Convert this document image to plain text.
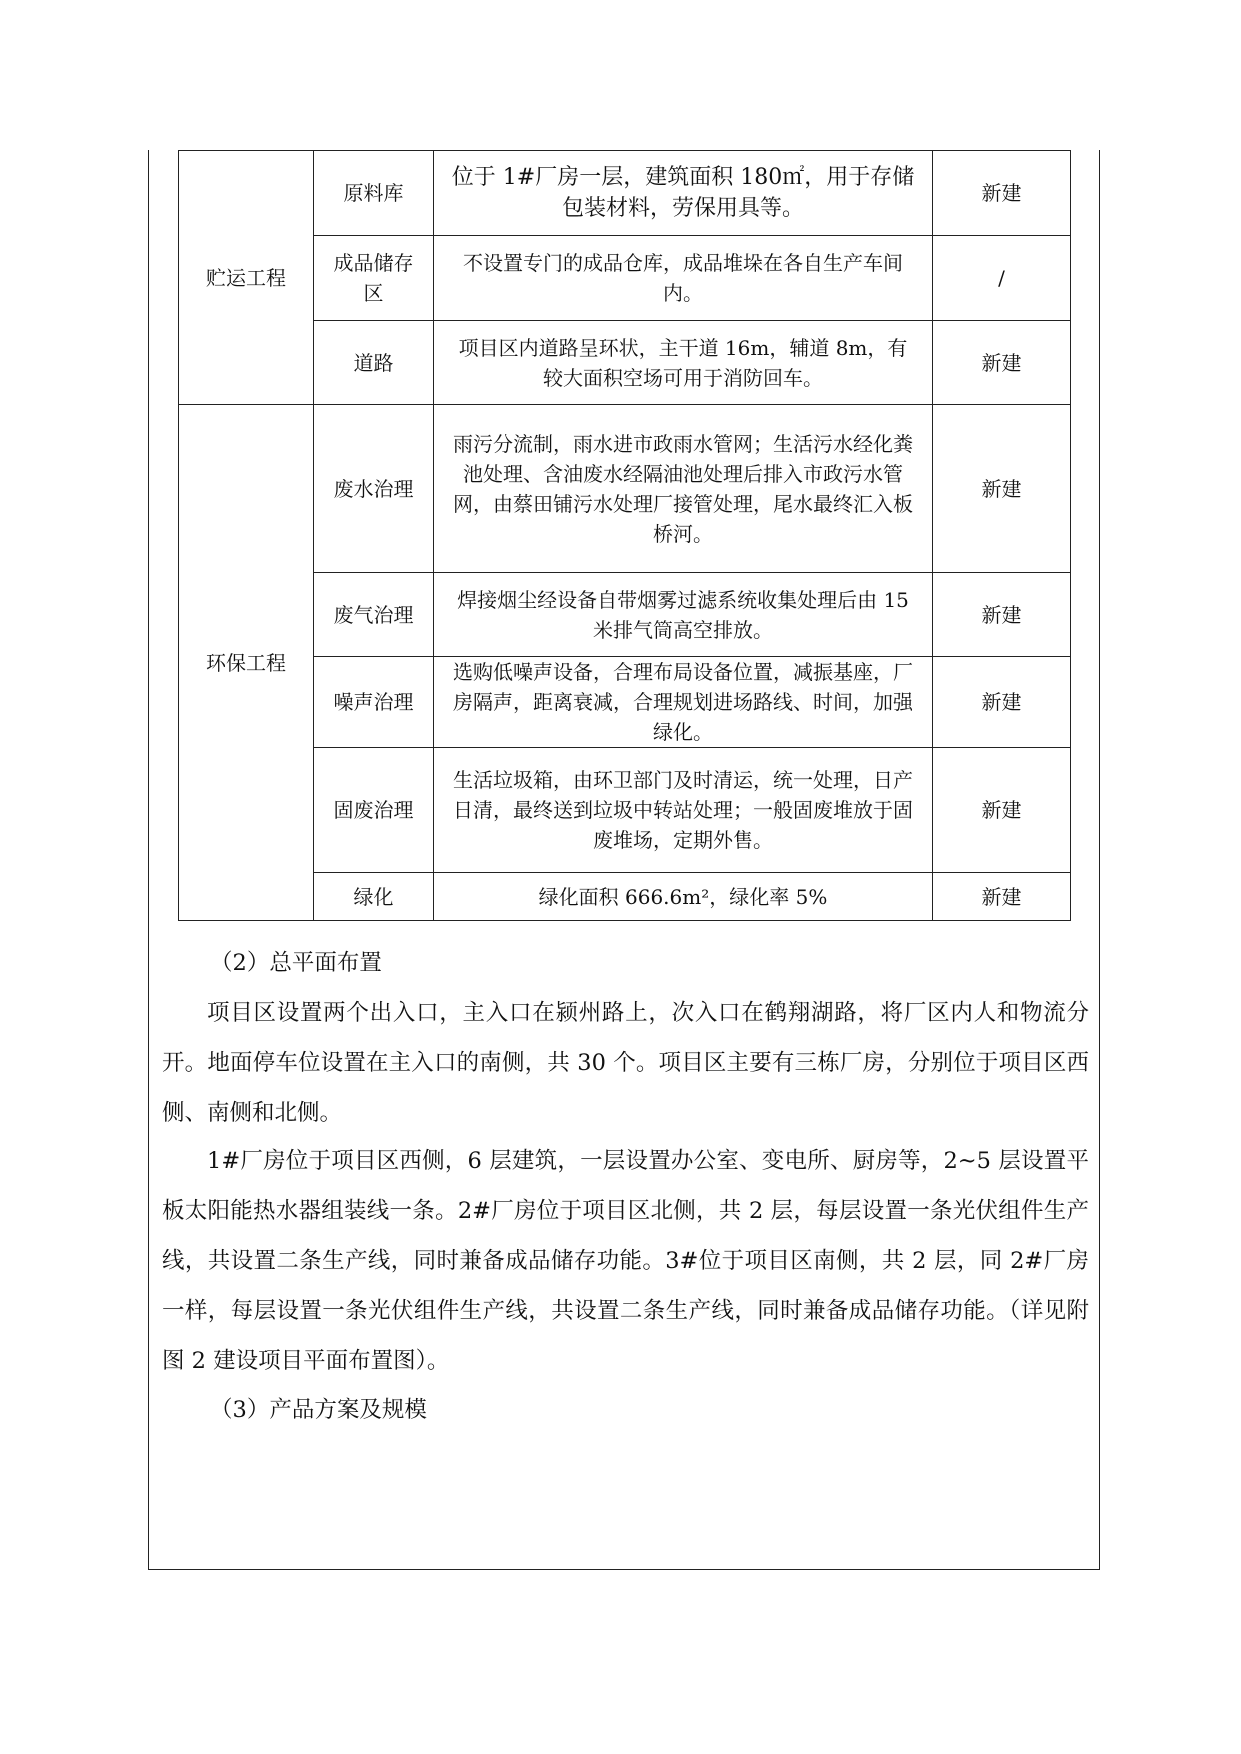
贮运工程	原料库	位于 1#厂房一层，建筑面积 180㎡，用于存储包装材料，劳保用具等。	新建
	成品储存区	不设置专门的成品仓库，成品堆垛在各自生产车间内。	/
	道路	项目区内道路呈环状，主干道 16m，辅道 8m，有较大面积空场可用于消防回车。	新建
环保工程	废水治理	雨污分流制，雨水进市政雨水管网；生活污水经化粪池处理、含油废水经隔油池处理后排入市政污水管网，由蔡田铺污水处理厂接管处理，尾水最终汇入板桥河。	新建
	废气治理	焊接烟尘经设备自带烟雾过滤系统收集处理后由 15 米排气筒高空排放。	新建
	噪声治理	选购低噪声设备，合理布局设备位置，减振基座，厂房隔声，距离衰减，合理规划进场路线、时间，加强绿化。	新建
	固废治理	生活垃圾箱，由环卫部门及时清运，统一处理，日产日清，最终送到垃圾中转站处理；一般固废堆放于固废堆场，定期外售。	新建
	绿化	绿化面积 666.6m²，绿化率 5%	新建

（2）总平面布置

项目区设置两个出入口，主入口在颍州路上，次入口在鹤翔湖路，将厂区内人和物流分开。地面停车位设置在主入口的南侧，共 30 个。项目区主要有三栋厂房，分别位于项目区西侧、南侧和北侧。

1#厂房位于项目区西侧，6 层建筑，一层设置办公室、变电所、厨房等，2~5 层设置平板太阳能热水器组装线一条。2#厂房位于项目区北侧，共 2 层，每层设置一条光伏组件生产线，共设置二条生产线，同时兼备成品储存功能。3#位于项目区南侧，共 2 层，同 2#厂房一样，每层设置一条光伏组件生产线，共设置二条生产线，同时兼备成品储存功能。（详见附图 2 建设项目平面布置图）。

（3）产品方案及规模
